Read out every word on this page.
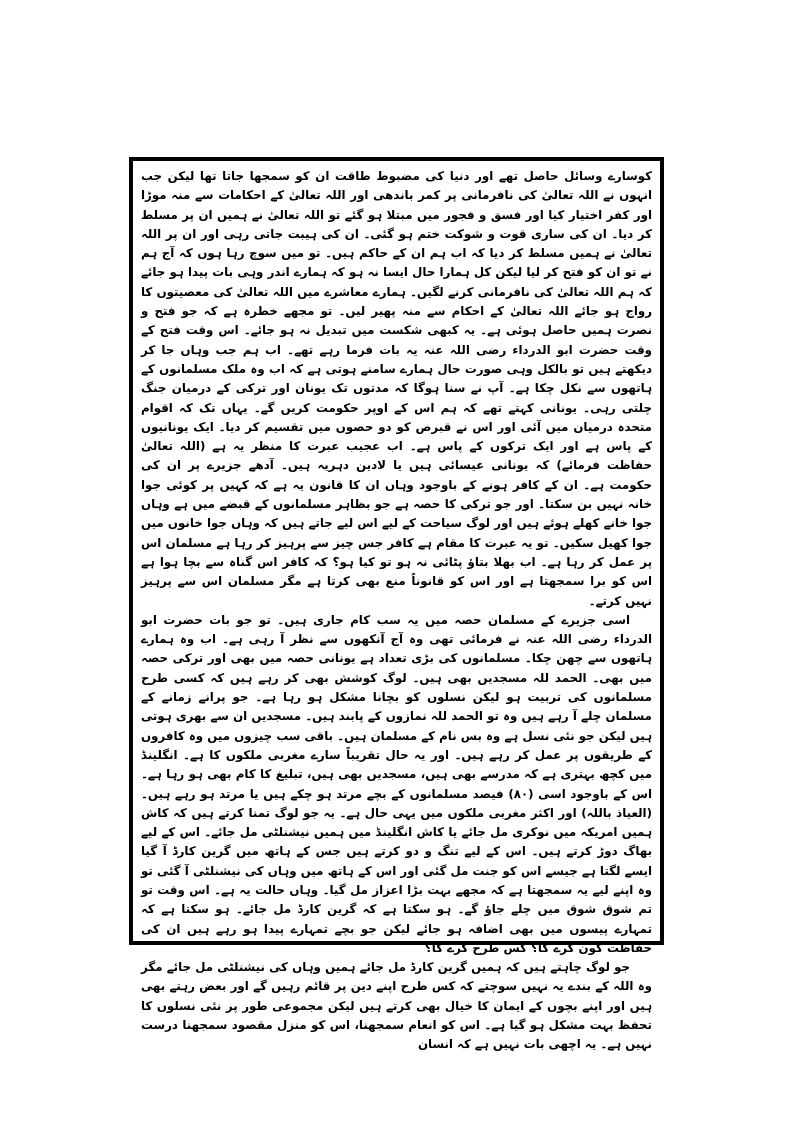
کوسارے وسائل حاصل تھے اور دنیا کی مضبوط طاقت ان کو سمجھا جاتا تھا لیکن جب انہوں نے اللہ تعالیٰ کی نافرمانی پر کمر باندھی اور اللہ تعالیٰ کے احکامات سے منہ موڑا اور کفر اختیار کیا اور فسق و فجور میں مبتلا ہو گئے تو اللہ تعالیٰ نے ہمیں ان پر مسلط کر دیا۔ ان کی ساری قوت و شوکت ختم ہو گئی۔ ان کی ہیبت جاتی رہی اور ان پر اللہ تعالیٰ نے ہمیں مسلط کر دیا کہ اب ہم ان کے حاکم ہیں۔ تو میں سوچ رہا ہوں کہ آج ہم نے تو ان کو فتح کر لیا لیکن کل ہمارا حال ایسا نہ ہو کہ ہمارے اندر وہی بات پیدا ہو جائے کہ ہم اللہ تعالیٰ کی نافرمانی کرنے لگیں۔ ہمارے معاشرے میں اللہ تعالیٰ کی معصیتوں کا رواج ہو جائے اللہ تعالیٰ کے احکام سے منہ پھیر لیں۔ تو مجھے خطرہ ہے کہ جو فتح و نصرت ہمیں حاصل ہوئی ہے۔ یہ کبھی شکست میں تبدیل نہ ہو جائے۔ اس وقت فتح کے وقت حضرت ابو الدرداء رضی اللہ عنہ یہ بات فرما رہے تھے۔ اب ہم جب وہاں جا کر دیکھتے ہیں تو بالکل وہی صورت حال ہمارے سامنے ہوتی ہے کہ اب وہ ملک مسلمانوں کے ہاتھوں سے نکل چکا ہے۔ آپ نے سنا ہوگا کہ مدتوں تک یونان اور ترکی کے درمیان جنگ چلتی رہی۔ یونانی کہتے تھے کہ ہم اس کے اوپر حکومت کریں گے۔ یہاں تک کہ اقوام متحدہ درمیان میں آئی اور اس نے قبرص کو دو حصوں میں تقسیم کر دیا۔ ایک یونانیوں کے پاس ہے اور ایک ترکوں کے پاس ہے۔ اب عجیب عبرت کا منظر یہ ہے (اللہ تعالیٰ حفاظت فرمائے) کہ یونانی عیسائی ہیں یا لادین دہریہ ہیں۔ آدھے جزیرے پر ان کی حکومت ہے۔ ان کے کافر ہونے کے باوجود وہاں ان کا قانون یہ ہے کہ کہیں پر کوئی جوا خانہ نہیں بن سکتا۔ اور جو ترکی کا حصہ ہے جو بظاہر مسلمانوں کے قبضے میں ہے وہاں جوا خانے کھلے ہوئے ہیں اور لوگ سیاحت کے لیے اس لیے جاتے ہیں کہ وہاں جوا خانوں میں جوا کھیل سکیں۔ تو یہ عبرت کا مقام ہے کافر جس چیز سے پرہیز کر رہا ہے مسلمان اس پر عمل کر رہا ہے۔ اب بھلا بتاؤ پٹائی نہ ہو تو کیا ہو؟ کہ کافر اس گناہ سے بچا ہوا ہے اس کو برا سمجھتا ہے اور اس کو قانوناً منع بھی کرتا ہے مگر مسلمان اس سے پرہیز نہیں کرتے۔

اسی جزیرے کے مسلمان حصہ میں یہ سب کام جاری ہیں۔ تو جو بات حضرت ابو الدرداء رضی اللہ عنہ نے فرمائی تھی وہ آج آنکھوں سے نظر آ رہی ہے۔ اب وہ ہمارے ہاتھوں سے چھن چکا۔ مسلمانوں کی بڑی تعداد ہے یونانی حصہ میں بھی اور ترکی حصہ میں بھی۔ الحمد للہ مسجدیں بھی ہیں۔ لوگ کوشش بھی کر رہے ہیں کہ کسی طرح مسلمانوں کی تربیت ہو لیکن نسلوں کو بچانا مشکل ہو رہا ہے۔ جو پرانے زمانے کے مسلمان چلے آ رہے ہیں وہ تو الحمد للہ نمازوں کے پابند ہیں۔ مسجدیں ان سے بھری ہوتی ہیں لیکن جو نئی نسل ہے وہ بس نام کے مسلمان ہیں۔ باقی سب چیزوں میں وہ کافروں کے طریقوں پر عمل کر رہے ہیں۔ اور یہ حال تقریباً سارے مغربی ملکوں کا ہے۔ انگلینڈ میں کچھ بہتری ہے کہ مدرسے بھی ہیں، مسجدیں بھی ہیں، تبلیغ کا کام بھی ہو رہا ہے۔ اس کے باوجود اسی (۸۰) فیصد مسلمانوں کے بچے مرتد ہو چکے ہیں یا مرتد ہو رہے ہیں۔ (العیاذ باللہ) اور اکثر مغربی ملکوں میں یہی حال ہے۔ یہ جو لوگ تمنا کرتے ہیں کہ کاش ہمیں امریکہ میں نوکری مل جائے یا کاش انگلینڈ میں ہمیں نیشنلٹی مل جائے۔ اس کے لیے بھاگ دوڑ کرتے ہیں۔ اس کے لیے تنگ و دو کرتے ہیں جس کے ہاتھ میں گرین کارڈ آ گیا ایسے لگتا ہے جیسے اس کو جنت مل گئی اور اس کے ہاتھ میں وہاں کی نیشنلٹی آ گئی تو وہ اپنے لیے یہ سمجھتا ہے کہ مجھے بہت بڑا اعزاز مل گیا۔ وہاں حالت یہ ہے۔ اس وقت تو تم شوق شوق میں چلے جاؤ گے۔ ہو سکتا ہے کہ گرین کارڈ مل جائے۔ ہو سکتا ہے کہ تمہارے پیسوں میں بھی اضافہ ہو جائے لیکن جو بچے تمہارے پیدا ہو رہے ہیں ان کی حفاظت کون کرے گا؟ کس طرح کرے گا؟

جو لوگ چاہتے ہیں کہ ہمیں گرین کارڈ مل جائے ہمیں وہاں کی نیشنلٹی مل جائے مگر وہ اللہ کے بندے یہ نہیں سوچتے کہ کس طرح اپنے دین پر قائم رہیں گے اور بعض رہتے بھی ہیں اور اپنے بچوں کے ایمان کا خیال بھی کرتے ہیں لیکن مجموعی طور پر نئی نسلوں کا تحفظ بہت مشکل ہو گیا ہے۔ اس کو انعام سمجھنا، اس کو منزل مقصود سمجھنا درست نہیں ہے۔ یہ اچھی بات نہیں ہے کہ انسان
